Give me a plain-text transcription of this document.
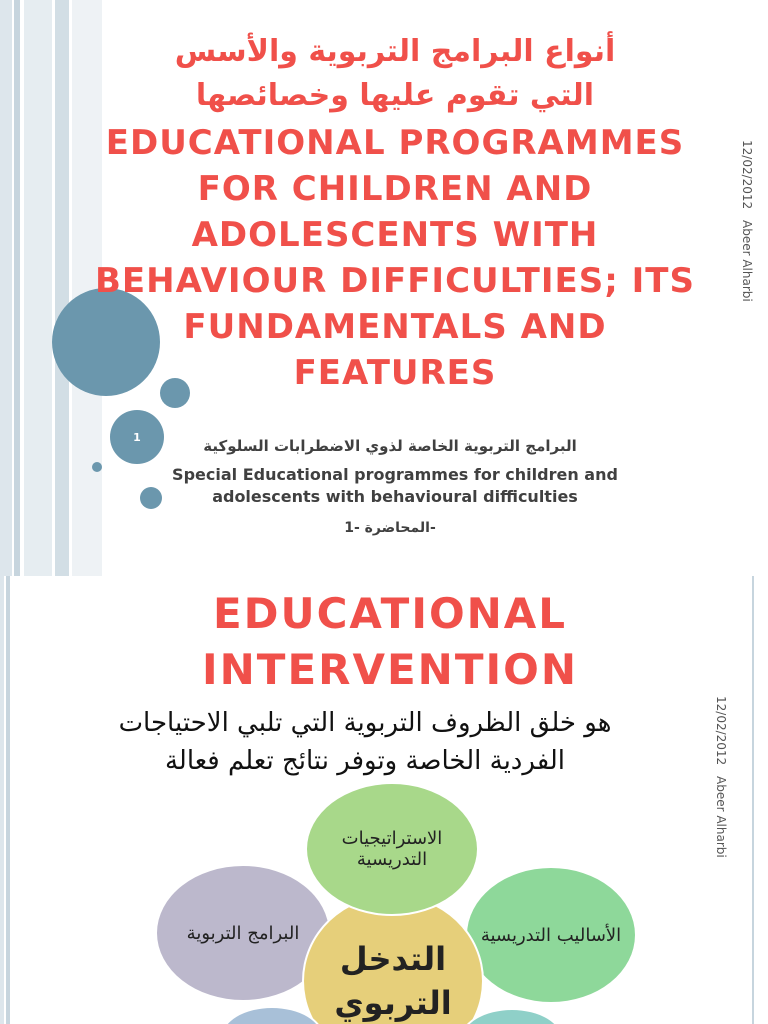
1
12/02/2012
Abeer Alharbi
أنواع البرامج التربوية والأسس
التي تقوم عليها وخصائصها
EDUCATIONAL PROGRAMMES FOR CHILDREN AND ADOLESCENTS WITH BEHAVIOUR DIFFICULTIES; ITS FUNDAMENTALS AND FEATURES
البرامج التربوية الخاصة لذوي الاضطرابات السلوكية
Special Educational programmes for children and adolescents with behavioural difficulties
-المحاضرة -1
12/02/2012
Abeer Alharbi
EDUCATIONAL INTERVENTION
هو خلق الظروف التربوية التي تلبي الاحتياجات
الفردية الخاصة وتوفر نتائج تعلم فعالة
البرامج التربوية	الأساليب التدريسية
التدخل التربوي
الاستراتيجيات التدريسية
